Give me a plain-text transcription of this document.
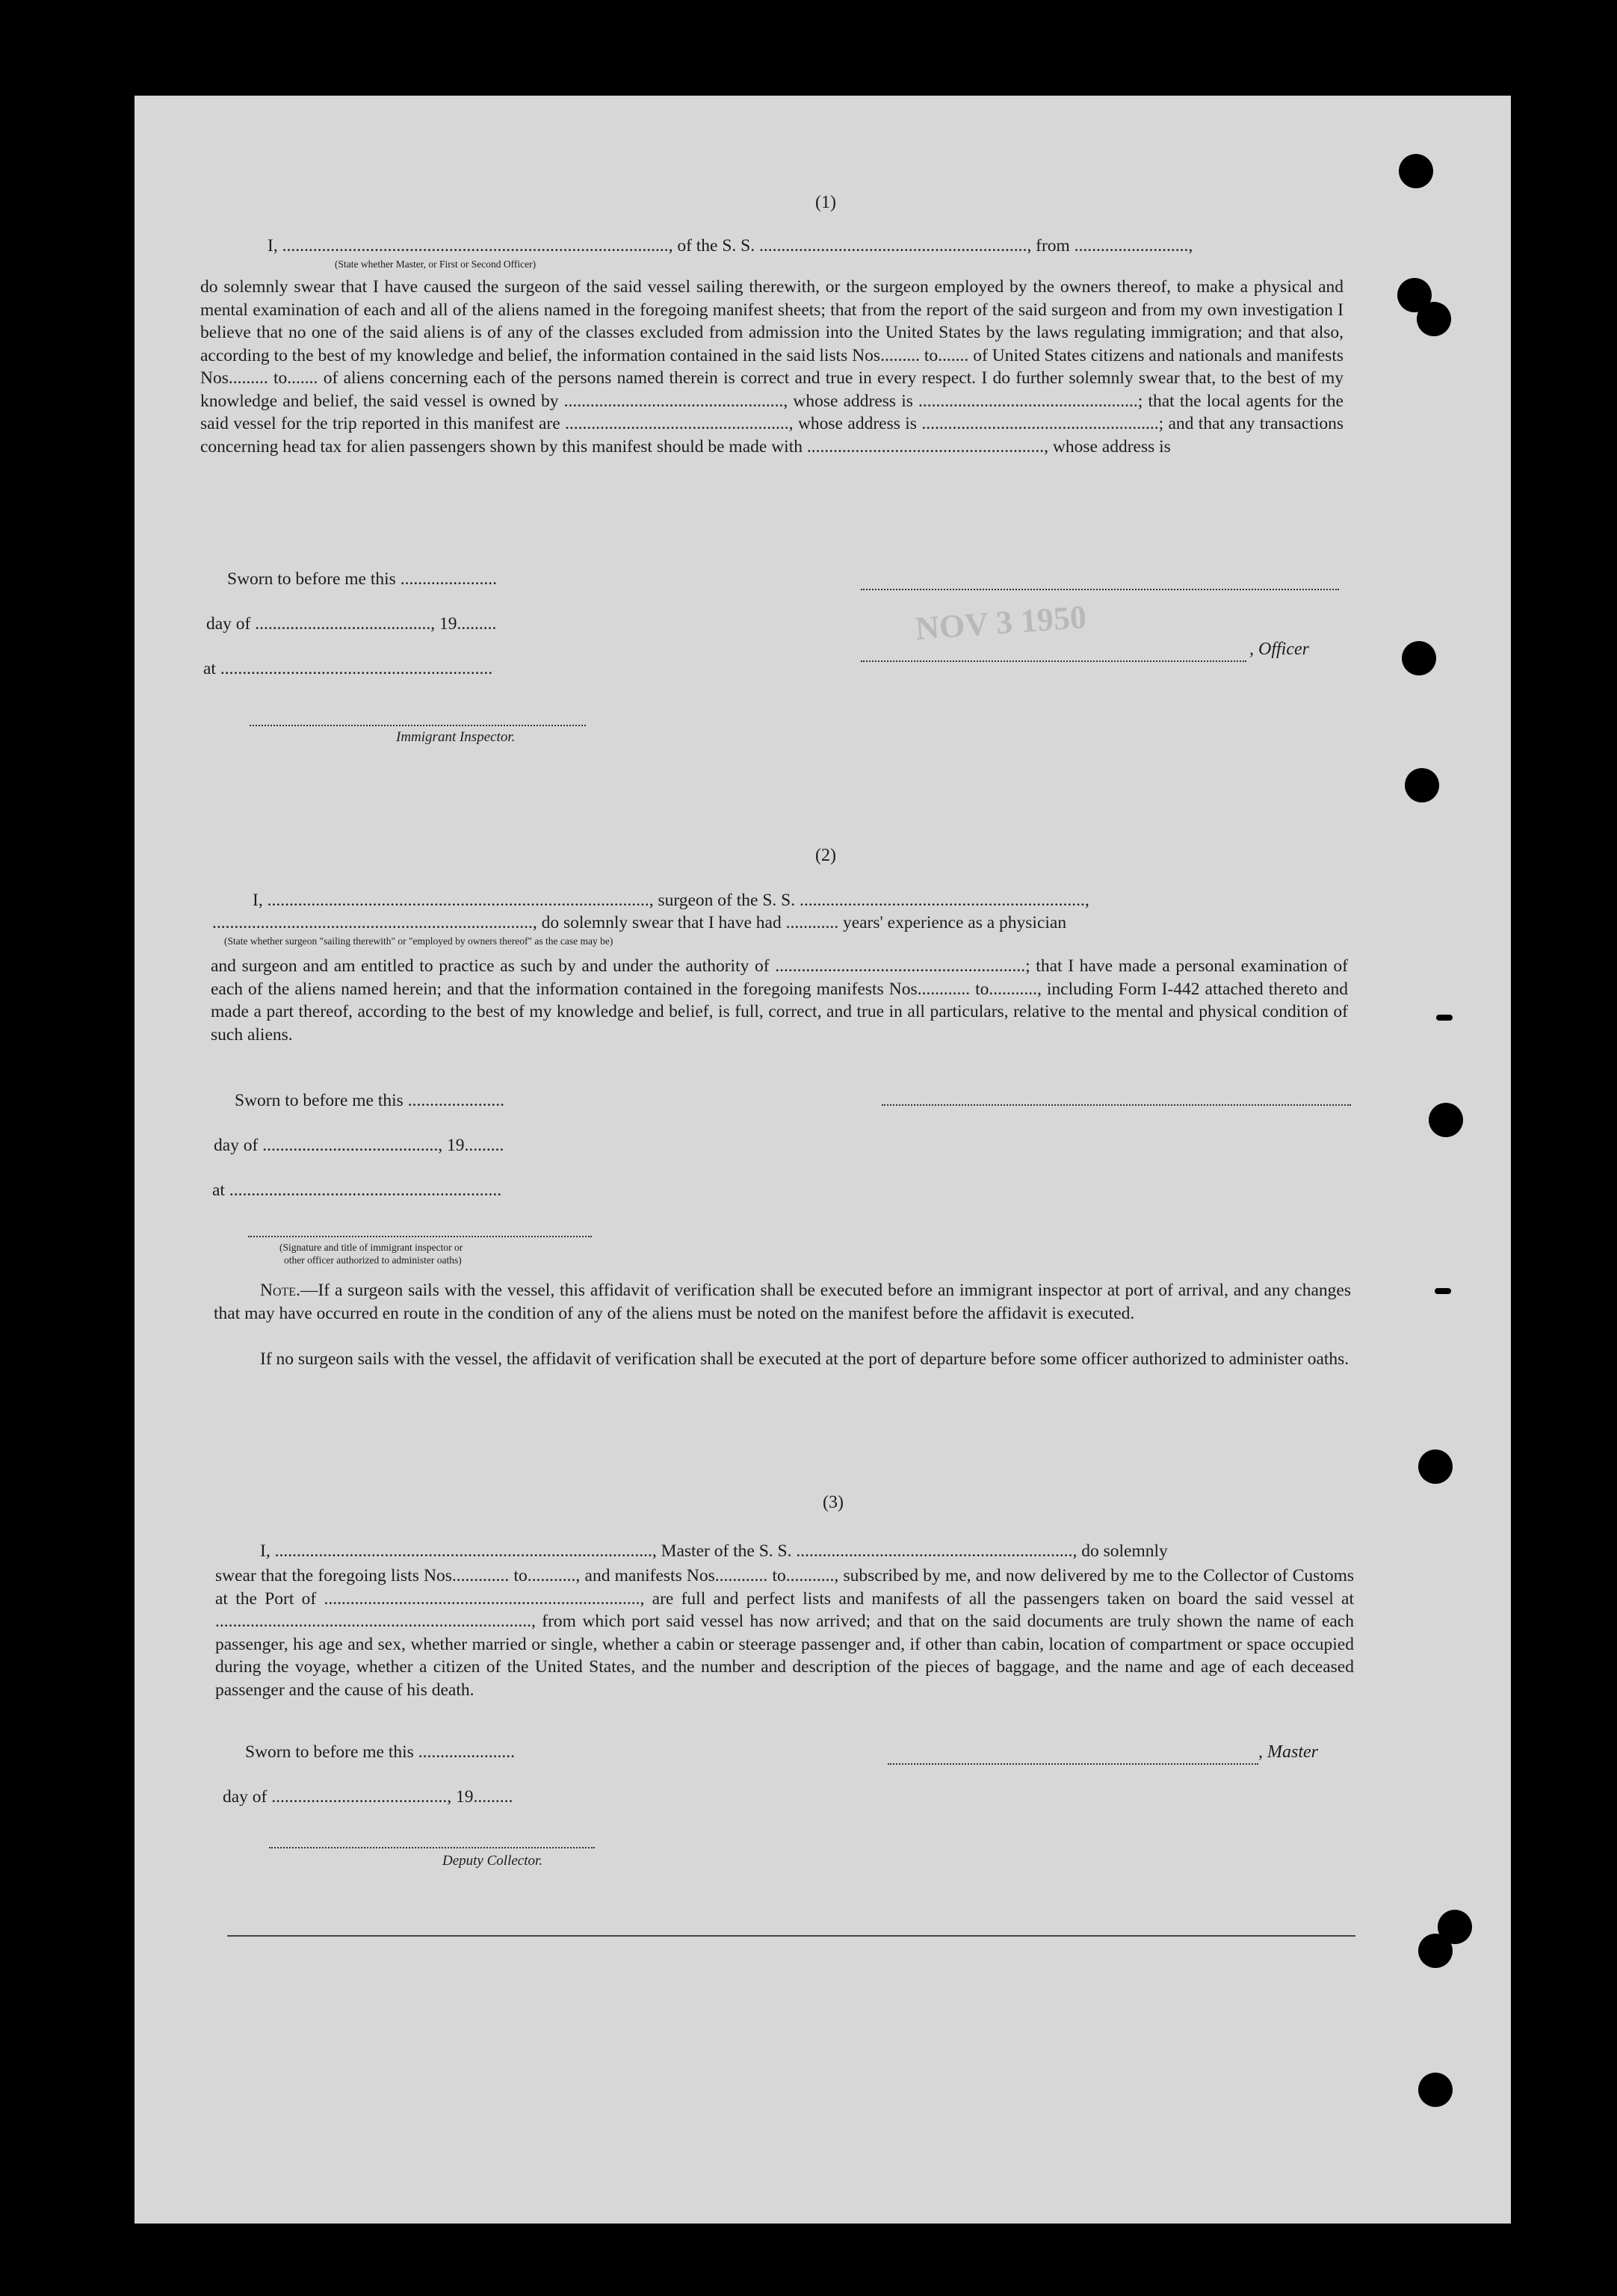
NOV 3 1950
(1)
I, ........................................................................................, of the S. S. ............................................................., from ..........................,
(State whether Master, or First or Second Officer)

do solemnly swear that I have caused the surgeon of the said vessel sailing therewith, or the surgeon employed by the owners thereof, to make a physical and mental examination of each and all of the aliens named in the foregoing manifest sheets; that from the report of the said surgeon and from my own investigation I believe that no one of the said aliens is of any of the classes excluded from admission into the United States by the laws regulating immigration; and that also, according to the best of my knowledge and belief, the information contained in the said lists Nos......... to....... of United States citizens and nationals and manifests Nos......... to....... of aliens concerning each of the persons named therein is correct and true in every respect. I do further solemnly swear that, to the best of my knowledge and belief, the said vessel is owned by .................................................., whose address is ..................................................; that the local agents for the said vessel for the trip reported in this manifest are ..................................................., whose address is ......................................................; and that any transactions concerning head tax for alien passengers shown by this manifest should be made with ......................................................, whose address is

Sworn to before me this ......................
day of ........................................, 19.........
at ..............................................................
Immigrant Inspector.
, Officer
(2)
I, ......................................................................................., surgeon of the S. S. .................................................................,
........................................................................., do solemnly swear that I have had ............ years' experience as a physician
(State whether surgeon "sailing therewith" or "employed by owners thereof" as the case may be)

and surgeon and am entitled to practice as such by and under the authority of .........................................................; that I have made a personal examination of each of the aliens named herein; and that the information contained in the foregoing manifests Nos............ to..........., including Form I-442 attached thereto and made a part thereof, according to the best of my knowledge and belief, is full, correct, and true in all particulars, relative to the mental and physical condition of such aliens.

Sworn to before me this ......................
day of ........................................, 19.........
at ..............................................................
(Signature and title of immigrant inspector or
other officer authorized to administer oaths)

Note.—If a surgeon sails with the vessel, this affidavit of verification shall be executed before an immigrant inspector at port of arrival, and any changes that may have occurred en route in the condition of any of the aliens must be noted on the manifest before the affidavit is executed.

If no surgeon sails with the vessel, the affidavit of verification shall be executed at the port of departure before some officer authorized to administer oaths.

(3)
I, ......................................................................................, Master of the S. S. ..............................................................., do solemnly

swear that the foregoing lists Nos............. to..........., and manifests Nos............ to..........., subscribed by me, and now delivered by me to the Collector of Customs at the Port of ........................................................................, are full and perfect lists and manifests of all the passengers taken on board the said vessel at ........................................................................, from which port said vessel has now arrived; and that on the said documents are truly shown the name of each passenger, his age and sex, whether married or single, whether a cabin or steerage passenger and, if other than cabin, location of compartment or space occupied during the voyage, whether a citizen of the United States, and the number and description of the pieces of baggage, and the name and age of each deceased passenger and the cause of his death.

Sworn to before me this ......................
day of ........................................, 19.........
Deputy Collector.
, Master
